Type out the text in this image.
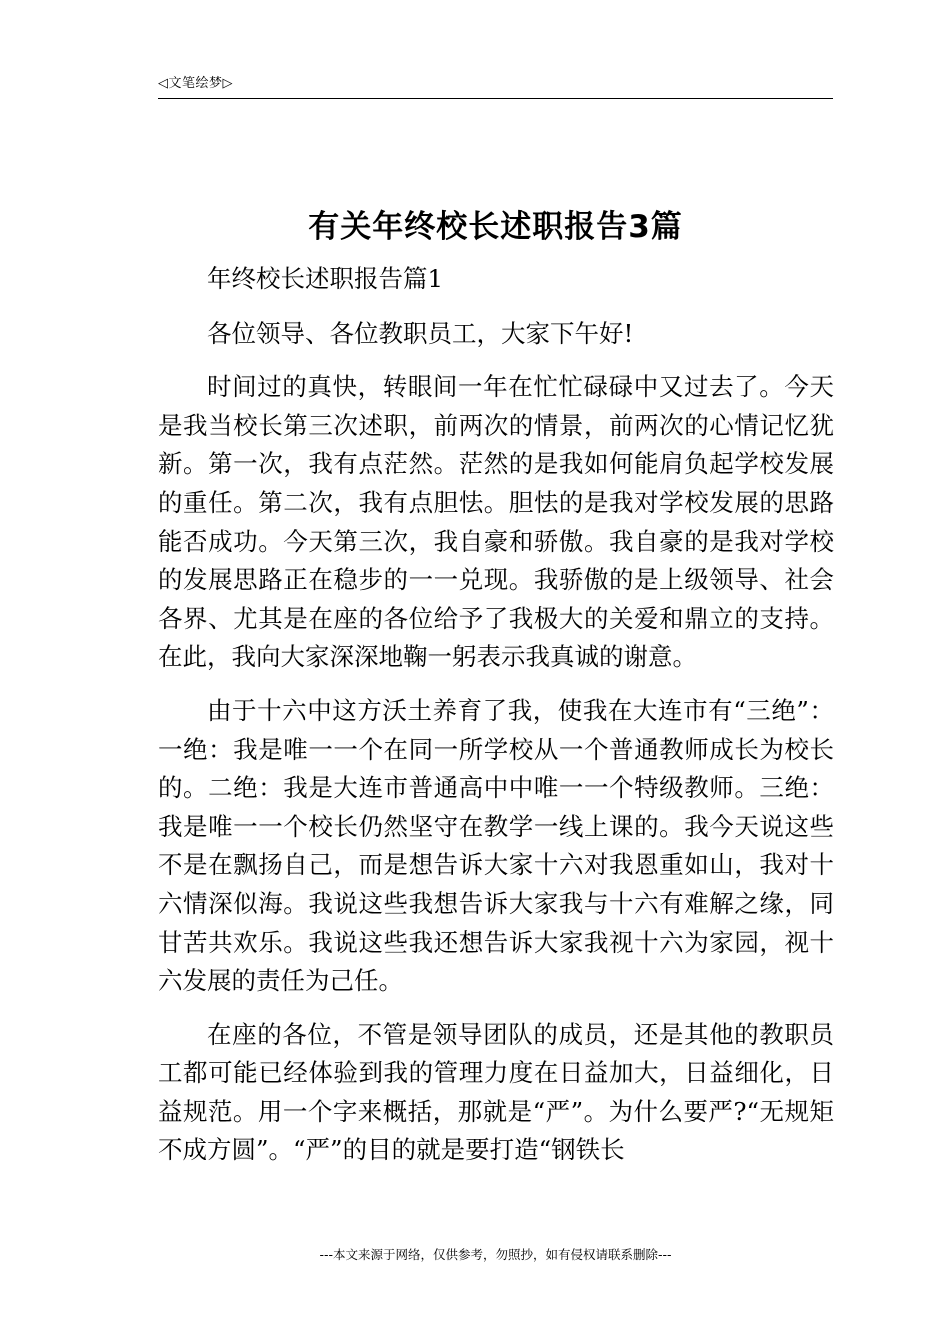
◁文笔绘梦▷
有关年终校长述职报告3篇

年终校长述职报告篇1

各位领导、各位教职员工，大家下午好!

时间过的真快，转眼间一年在忙忙碌碌中又过去了。今天是我当校长第三次述职，前两次的情景，前两次的心情记忆犹新。第一次，我有点茫然。茫然的是我如何能肩负起学校发展的重任。第二次，我有点胆怯。胆怯的是我对学校发展的思路能否成功。今天第三次，我自豪和骄傲。我自豪的是我对学校的发展思路正在稳步的一一兑现。我骄傲的是上级领导、社会各界、尤其是在座的各位给予了我极大的关爱和鼎立的支持。在此，我向大家深深地鞠一躬表示我真诚的谢意。

由于十六中这方沃土养育了我，使我在大连市有“三绝”：一绝：我是唯一一个在同一所学校从一个普通教师成长为校长的。二绝：我是大连市普通高中中唯一一个特级教师。三绝：我是唯一一个校长仍然坚守在教学一线上课的。我今天说这些不是在飘扬自己，而是想告诉大家十六对我恩重如山，我对十六情深似海。我说这些我想告诉大家我与十六有难解之缘，同甘苦共欢乐。我说这些我还想告诉大家我视十六为家园，视十六发展的责任为己任。

在座的各位，不管是领导团队的成员，还是其他的教职员工都可能已经体验到我的管理力度在日益加大，日益细化，日益规范。用一个字来概括，那就是“严”。为什么要严?“无规矩不成方圆”。“严”的目的就是要打造“钢铁长

---本文来源于网络，仅供参考，勿照抄，如有侵权请联系删除---
